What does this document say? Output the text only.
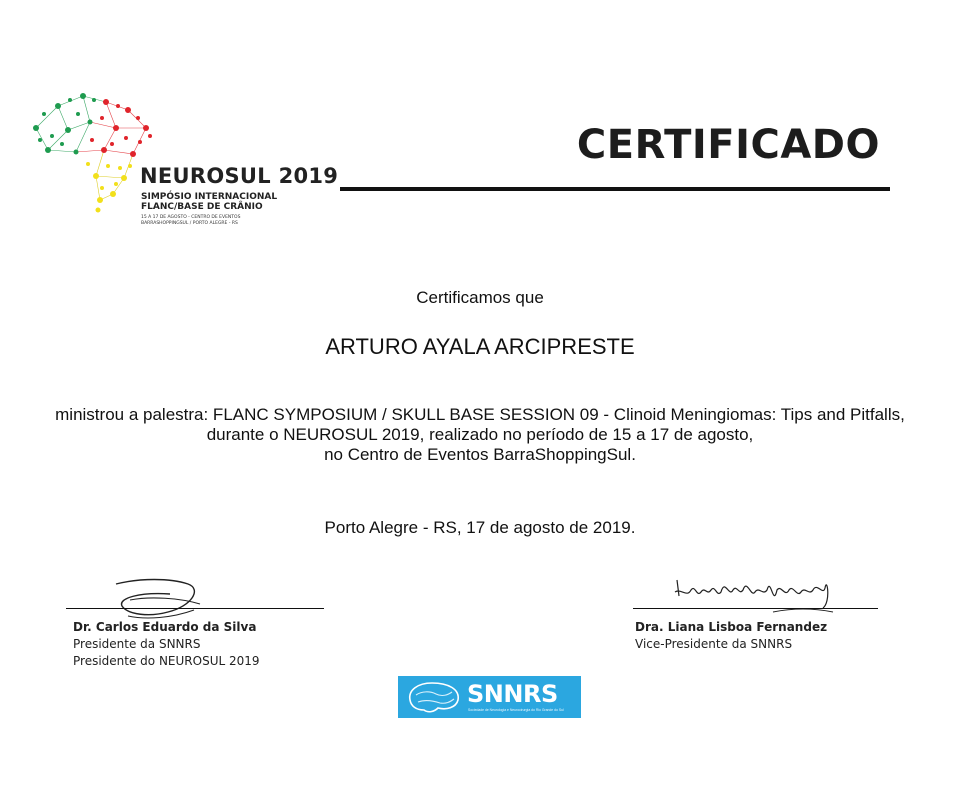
NEUROSUL 2019
SIMPÓSIO INTERNACIONAL
FLANC/BASE DE CRÂNIO
15 A 17 DE AGOSTO - CENTRO DE EVENTOS
BARRASHOPPINGSUL / PORTO ALEGRE - RS
CERTIFICADO
Certificamos que
ARTURO AYALA ARCIPRESTE
ministrou a palestra: FLANC SYMPOSIUM / SKULL BASE SESSION 09 - Clinoid Meningiomas: Tips and Pitfalls,
durante o NEUROSUL 2019, realizado no período de 15 a 17 de agosto,
no Centro de Eventos BarraShoppingSul.
Porto Alegre - RS, 17 de agosto de 2019.
Dr. Carlos Eduardo da Silva
Presidente da SNNRS
Presidente do NEUROSUL 2019
Dra. Liana Lisboa Fernandez
Vice-Presidente da SNNRS
SNNRS
Sociedade de Neurologia e Neurocirurgia do Rio Grande do Sul
